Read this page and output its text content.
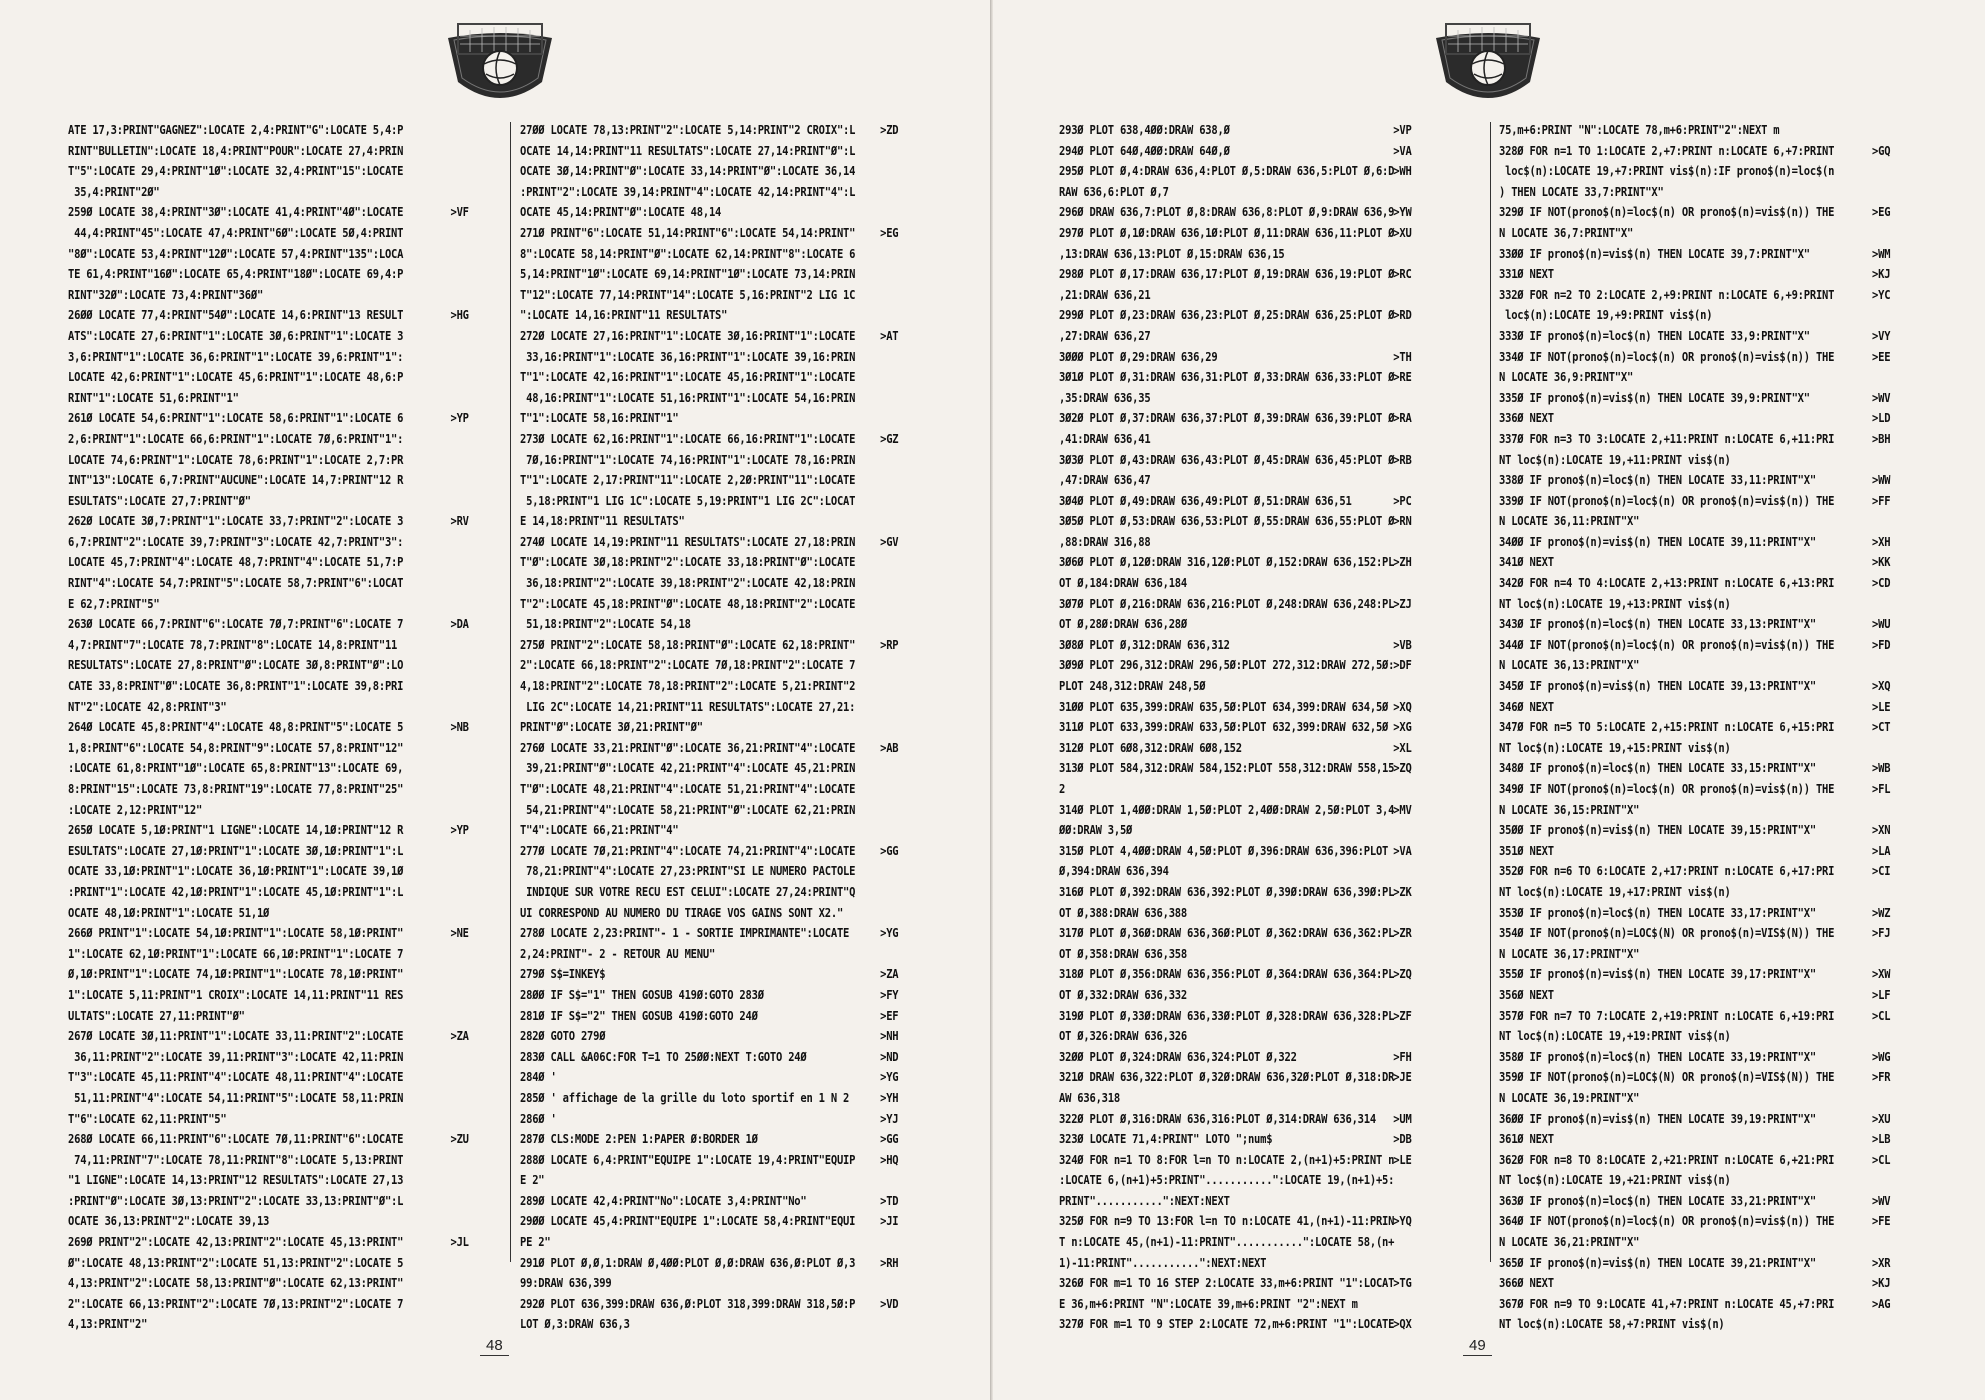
ATE 17,3:PRINT"GAGNEZ":LOCATE 2,4:PRINT"G":LOCATE 5,4:P
RINT"BULLETIN":LOCATE 18,4:PRINT"POUR":LOCATE 27,4:PRIN
T"5":LOCATE 29,4:PRINT"1Ø":LOCATE 32,4:PRINT"15":LOCATE
35,4:PRINT"2Ø"
>VF
259Ø LOCATE 38,4:PRINT"3Ø":LOCATE 41,4:PRINT"4Ø":LOCATE
44,4:PRINT"45":LOCATE 47,4:PRINT"6Ø":LOCATE 5Ø,4:PRINT
"8Ø":LOCATE 53,4:PRINT"12Ø":LOCATE 57,4:PRINT"135":LOCA
TE 61,4:PRINT"16Ø":LOCATE 65,4:PRINT"18Ø":LOCATE 69,4:P
RINT"32Ø":LOCATE 73,4:PRINT"36Ø"
>HG
26ØØ LOCATE 77,4:PRINT"54Ø":LOCATE 14,6:PRINT"13 RESULT
ATS":LOCATE 27,6:PRINT"1":LOCATE 3Ø,6:PRINT"1":LOCATE 3
3,6:PRINT"1":LOCATE 36,6:PRINT"1":LOCATE 39,6:PRINT"1":
LOCATE 42,6:PRINT"1":LOCATE 45,6:PRINT"1":LOCATE 48,6:P
RINT"1":LOCATE 51,6:PRINT"1"
>YP
261Ø LOCATE 54,6:PRINT"1":LOCATE 58,6:PRINT"1":LOCATE 6
2,6:PRINT"1":LOCATE 66,6:PRINT"1":LOCATE 7Ø,6:PRINT"1":
LOCATE 74,6:PRINT"1":LOCATE 78,6:PRINT"1":LOCATE 2,7:PR
INT"13":LOCATE 6,7:PRINT"AUCUNE":LOCATE 14,7:PRINT"12 R
ESULTATS":LOCATE 27,7:PRINT"Ø"
>RV
262Ø LOCATE 3Ø,7:PRINT"1":LOCATE 33,7:PRINT"2":LOCATE 3
6,7:PRINT"2":LOCATE 39,7:PRINT"3":LOCATE 42,7:PRINT"3":
LOCATE 45,7:PRINT"4":LOCATE 48,7:PRINT"4":LOCATE 51,7:P
RINT"4":LOCATE 54,7:PRINT"5":LOCATE 58,7:PRINT"6":LOCAT
E 62,7:PRINT"5"
>DA
263Ø LOCATE 66,7:PRINT"6":LOCATE 7Ø,7:PRINT"6":LOCATE 7
4,7:PRINT"7":LOCATE 78,7:PRINT"8":LOCATE 14,8:PRINT"11
RESULTATS":LOCATE 27,8:PRINT"Ø":LOCATE 3Ø,8:PRINT"Ø":LO
CATE 33,8:PRINT"Ø":LOCATE 36,8:PRINT"1":LOCATE 39,8:PRI
NT"2":LOCATE 42,8:PRINT"3"
>NB
264Ø LOCATE 45,8:PRINT"4":LOCATE 48,8:PRINT"5":LOCATE 5
1,8:PRINT"6":LOCATE 54,8:PRINT"9":LOCATE 57,8:PRINT"12"
:LOCATE 61,8:PRINT"1Ø":LOCATE 65,8:PRINT"13":LOCATE 69,
8:PRINT"15":LOCATE 73,8:PRINT"19":LOCATE 77,8:PRINT"25"
:LOCATE 2,12:PRINT"12"
>YP
265Ø LOCATE 5,1Ø:PRINT"1 LIGNE":LOCATE 14,1Ø:PRINT"12 R
ESULTATS":LOCATE 27,1Ø:PRINT"1":LOCATE 3Ø,1Ø:PRINT"1":L
OCATE 33,1Ø:PRINT"1":LOCATE 36,1Ø:PRINT"1":LOCATE 39,1Ø
:PRINT"1":LOCATE 42,1Ø:PRINT"1":LOCATE 45,1Ø:PRINT"1":L
OCATE 48,1Ø:PRINT"1":LOCATE 51,1Ø
>NE
266Ø PRINT"1":LOCATE 54,1Ø:PRINT"1":LOCATE 58,1Ø:PRINT"
1":LOCATE 62,1Ø:PRINT"1":LOCATE 66,1Ø:PRINT"1":LOCATE 7
Ø,1Ø:PRINT"1":LOCATE 74,1Ø:PRINT"1":LOCATE 78,1Ø:PRINT"
1":LOCATE 5,11:PRINT"1 CROIX":LOCATE 14,11:PRINT"11 RES
ULTATS":LOCATE 27,11:PRINT"Ø"
>ZA
267Ø LOCATE 3Ø,11:PRINT"1":LOCATE 33,11:PRINT"2":LOCATE
36,11:PRINT"2":LOCATE 39,11:PRINT"3":LOCATE 42,11:PRIN
T"3":LOCATE 45,11:PRINT"4":LOCATE 48,11:PRINT"4":LOCATE
51,11:PRINT"4":LOCATE 54,11:PRINT"5":LOCATE 58,11:PRIN
T"6":LOCATE 62,11:PRINT"5"
>ZU
268Ø LOCATE 66,11:PRINT"6":LOCATE 7Ø,11:PRINT"6":LOCATE
74,11:PRINT"7":LOCATE 78,11:PRINT"8":LOCATE 5,13:PRINT
"1 LIGNE":LOCATE 14,13:PRINT"12 RESULTATS":LOCATE 27,13
:PRINT"Ø":LOCATE 3Ø,13:PRINT"2":LOCATE 33,13:PRINT"Ø":L
OCATE 36,13:PRINT"2":LOCATE 39,13
>JL
269Ø PRINT"2":LOCATE 42,13:PRINT"2":LOCATE 45,13:PRINT"
Ø":LOCATE 48,13:PRINT"2":LOCATE 51,13:PRINT"2":LOCATE 5
4,13:PRINT"2":LOCATE 58,13:PRINT"Ø":LOCATE 62,13:PRINT"
2":LOCATE 66,13:PRINT"2":LOCATE 7Ø,13:PRINT"2":LOCATE 7
4,13:PRINT"2"
>ZD
27ØØ LOCATE 78,13:PRINT"2":LOCATE 5,14:PRINT"2 CROIX":L
OCATE 14,14:PRINT"11 RESULTATS":LOCATE 27,14:PRINT"Ø":L
OCATE 3Ø,14:PRINT"Ø":LOCATE 33,14:PRINT"Ø":LOCATE 36,14
:PRINT"2":LOCATE 39,14:PRINT"4":LOCATE 42,14:PRINT"4":L
OCATE 45,14:PRINT"Ø":LOCATE 48,14
>EG
271Ø PRINT"6":LOCATE 51,14:PRINT"6":LOCATE 54,14:PRINT"
8":LOCATE 58,14:PRINT"Ø":LOCATE 62,14:PRINT"8":LOCATE 6
5,14:PRINT"1Ø":LOCATE 69,14:PRINT"1Ø":LOCATE 73,14:PRIN
T"12":LOCATE 77,14:PRINT"14":LOCATE 5,16:PRINT"2 LIG 1C
":LOCATE 14,16:PRINT"11 RESULTATS"
>AT
272Ø LOCATE 27,16:PRINT"1":LOCATE 3Ø,16:PRINT"1":LOCATE
33,16:PRINT"1":LOCATE 36,16:PRINT"1":LOCATE 39,16:PRIN
T"1":LOCATE 42,16:PRINT"1":LOCATE 45,16:PRINT"1":LOCATE
48,16:PRINT"1":LOCATE 51,16:PRINT"1":LOCATE 54,16:PRIN
T"1":LOCATE 58,16:PRINT"1"
>GZ
273Ø LOCATE 62,16:PRINT"1":LOCATE 66,16:PRINT"1":LOCATE
7Ø,16:PRINT"1":LOCATE 74,16:PRINT"1":LOCATE 78,16:PRIN
T"1":LOCATE 2,17:PRINT"11":LOCATE 2,2Ø:PRINT"11":LOCATE
5,18:PRINT"1 LIG 1C":LOCATE 5,19:PRINT"1 LIG 2C":LOCAT
E 14,18:PRINT"11 RESULTATS"
>GV
274Ø LOCATE 14,19:PRINT"11 RESULTATS":LOCATE 27,18:PRIN
T"Ø":LOCATE 3Ø,18:PRINT"2":LOCATE 33,18:PRINT"Ø":LOCATE
36,18:PRINT"2":LOCATE 39,18:PRINT"2":LOCATE 42,18:PRIN
T"2":LOCATE 45,18:PRINT"Ø":LOCATE 48,18:PRINT"2":LOCATE
51,18:PRINT"2":LOCATE 54,18
>RP
275Ø PRINT"2":LOCATE 58,18:PRINT"Ø":LOCATE 62,18:PRINT"
2":LOCATE 66,18:PRINT"2":LOCATE 7Ø,18:PRINT"2":LOCATE 7
4,18:PRINT"2":LOCATE 78,18:PRINT"2":LOCATE 5,21:PRINT"2
LIG 2C":LOCATE 14,21:PRINT"11 RESULTATS":LOCATE 27,21:
PRINT"Ø":LOCATE 3Ø,21:PRINT"Ø"
>AB
276Ø LOCATE 33,21:PRINT"Ø":LOCATE 36,21:PRINT"4":LOCATE
39,21:PRINT"Ø":LOCATE 42,21:PRINT"4":LOCATE 45,21:PRIN
T"Ø":LOCATE 48,21:PRINT"4":LOCATE 51,21:PRINT"4":LOCATE
54,21:PRINT"4":LOCATE 58,21:PRINT"Ø":LOCATE 62,21:PRIN
T"4":LOCATE 66,21:PRINT"4"
>GG
277Ø LOCATE 7Ø,21:PRINT"4":LOCATE 74,21:PRINT"4":LOCATE
78,21:PRINT"4":LOCATE 27,23:PRINT"SI LE NUMERO PACTOLE
INDIQUE SUR VOTRE RECU EST CELUI":LOCATE 27,24:PRINT"Q
UI CORRESPOND AU NUMERO DU TIRAGE VOS GAINS SONT X2."
>YG
278Ø LOCATE 2,23:PRINT"- 1 - SORTIE IMPRIMANTE":LOCATE
2,24:PRINT"- 2 - RETOUR AU MENU"
>ZA
279Ø S$=INKEY$
>FY
28ØØ IF S$="1" THEN GOSUB 419Ø:GOTO 283Ø
>EF
281Ø IF S$="2" THEN GOSUB 419Ø:GOTO 24Ø
>NH
282Ø GOTO 279Ø
>ND
283Ø CALL &A06C:FOR T=1 TO 25ØØ:NEXT T:GOTO 24Ø
>YG
284Ø '
>YH
285Ø ' affichage de la grille du loto sportif en 1 N 2
>YJ
286Ø '
>GG
287Ø CLS:MODE 2:PEN 1:PAPER Ø:BORDER 1Ø
>HQ
288Ø LOCATE 6,4:PRINT"EQUIPE 1":LOCATE 19,4:PRINT"EQUIP
E 2"
>TD
289Ø LOCATE 42,4:PRINT"No":LOCATE 3,4:PRINT"No"
>JI
29ØØ LOCATE 45,4:PRINT"EQUIPE 1":LOCATE 58,4:PRINT"EQUI
PE 2"
>RH
291Ø PLOT Ø,Ø,1:DRAW Ø,4ØØ:PLOT Ø,Ø:DRAW 636,Ø:PLOT Ø,3
99:DRAW 636,399
>VD
292Ø PLOT 636,399:DRAW 636,Ø:PLOT 318,399:DRAW 318,5Ø:P
LOT Ø,3:DRAW 636,3
48
>VP
293Ø PLOT 638,4ØØ:DRAW 638,Ø
>VA
294Ø PLOT 64Ø,4ØØ:DRAW 64Ø,Ø
>WH
295Ø PLOT Ø,4:DRAW 636,4:PLOT Ø,5:DRAW 636,5:PLOT Ø,6:D
RAW 636,6:PLOT Ø,7
>YW
296Ø DRAW 636,7:PLOT Ø,8:DRAW 636,8:PLOT Ø,9:DRAW 636,9
>XU
297Ø PLOT Ø,1Ø:DRAW 636,1Ø:PLOT Ø,11:DRAW 636,11:PLOT Ø
,13:DRAW 636,13:PLOT Ø,15:DRAW 636,15
>RC
298Ø PLOT Ø,17:DRAW 636,17:PLOT Ø,19:DRAW 636,19:PLOT Ø
,21:DRAW 636,21
>RD
299Ø PLOT Ø,23:DRAW 636,23:PLOT Ø,25:DRAW 636,25:PLOT Ø
,27:DRAW 636,27
>TH
3ØØØ PLOT Ø,29:DRAW 636,29
>RE
3Ø1Ø PLOT Ø,31:DRAW 636,31:PLOT Ø,33:DRAW 636,33:PLOT Ø
,35:DRAW 636,35
>RA
3Ø2Ø PLOT Ø,37:DRAW 636,37:PLOT Ø,39:DRAW 636,39:PLOT Ø
,41:DRAW 636,41
>RB
3Ø3Ø PLOT Ø,43:DRAW 636,43:PLOT Ø,45:DRAW 636,45:PLOT Ø
,47:DRAW 636,47
>PC
3Ø4Ø PLOT Ø,49:DRAW 636,49:PLOT Ø,51:DRAW 636,51
>RN
3Ø5Ø PLOT Ø,53:DRAW 636,53:PLOT Ø,55:DRAW 636,55:PLOT Ø
,88:DRAW 316,88
>ZH
3Ø6Ø PLOT Ø,12Ø:DRAW 316,12Ø:PLOT Ø,152:DRAW 636,152:PL
OT Ø,184:DRAW 636,184
>ZJ
3Ø7Ø PLOT Ø,216:DRAW 636,216:PLOT Ø,248:DRAW 636,248:PL
OT Ø,28Ø:DRAW 636,28Ø
>VB
3Ø8Ø PLOT Ø,312:DRAW 636,312
>DF
3Ø9Ø PLOT 296,312:DRAW 296,5Ø:PLOT 272,312:DRAW 272,5Ø:
PLOT 248,312:DRAW 248,5Ø
>XQ
31ØØ PLOT 635,399:DRAW 635,5Ø:PLOT 634,399:DRAW 634,5Ø
>XG
311Ø PLOT 633,399:DRAW 633,5Ø:PLOT 632,399:DRAW 632,5Ø
>XL
312Ø PLOT 6Ø8,312:DRAW 6Ø8,152
>ZQ
313Ø PLOT 584,312:DRAW 584,152:PLOT 558,312:DRAW 558,15
2
>MV
314Ø PLOT 1,4ØØ:DRAW 1,5Ø:PLOT 2,4ØØ:DRAW 2,5Ø:PLOT 3,4
ØØ:DRAW 3,5Ø
>VA
315Ø PLOT 4,4ØØ:DRAW 4,5Ø:PLOT Ø,396:DRAW 636,396:PLOT
Ø,394:DRAW 636,394
>ZK
316Ø PLOT Ø,392:DRAW 636,392:PLOT Ø,39Ø:DRAW 636,39Ø:PL
OT Ø,388:DRAW 636,388
>ZR
317Ø PLOT Ø,36Ø:DRAW 636,36Ø:PLOT Ø,362:DRAW 636,362:PL
OT Ø,358:DRAW 636,358
>ZQ
318Ø PLOT Ø,356:DRAW 636,356:PLOT Ø,364:DRAW 636,364:PL
OT Ø,332:DRAW 636,332
>ZF
319Ø PLOT Ø,33Ø:DRAW 636,33Ø:PLOT Ø,328:DRAW 636,328:PL
OT Ø,326:DRAW 636,326
>FH
32ØØ PLOT Ø,324:DRAW 636,324:PLOT Ø,322
>JE
321Ø DRAW 636,322:PLOT Ø,32Ø:DRAW 636,32Ø:PLOT Ø,318:DR
AW 636,318
>UM
322Ø PLOT Ø,316:DRAW 636,316:PLOT Ø,314:DRAW 636,314
>DB
323Ø LOCATE 71,4:PRINT" LOTO ";num$
>LE
324Ø FOR n=1 TO 8:FOR l=n TO n:LOCATE 2,(n+1)+5:PRINT n
:LOCATE 6,(n+1)+5:PRINT"...........":LOCATE 19,(n+1)+5:
PRINT"...........":NEXT:NEXT
>YQ
325Ø FOR n=9 TO 13:FOR l=n TO n:LOCATE 41,(n+1)-11:PRIN
T n:LOCATE 45,(n+1)-11:PRINT"...........":LOCATE 58,(n+
1)-11:PRINT"...........":NEXT:NEXT
>TG
326Ø FOR m=1 TO 16 STEP 2:LOCATE 33,m+6:PRINT "1":LOCAT
E 36,m+6:PRINT "N":LOCATE 39,m+6:PRINT "2":NEXT m
>QX
327Ø FOR m=1 TO 9 STEP 2:LOCATE 72,m+6:PRINT "1":LOCATE
75,m+6:PRINT "N":LOCATE 78,m+6:PRINT"2":NEXT m
>GQ
328Ø FOR n=1 TO 1:LOCATE 2,+7:PRINT n:LOCATE 6,+7:PRINT
loc$(n):LOCATE 19,+7:PRINT vis$(n):IF prono$(n)=loc$(n
) THEN LOCATE 33,7:PRINT"X"
>EG
329Ø IF NOT(prono$(n)=loc$(n) OR prono$(n)=vis$(n)) THE
N LOCATE 36,7:PRINT"X"
>WM
33ØØ IF prono$(n)=vis$(n) THEN LOCATE 39,7:PRINT"X"
>KJ
331Ø NEXT
>YC
332Ø FOR n=2 TO 2:LOCATE 2,+9:PRINT n:LOCATE 6,+9:PRINT
loc$(n):LOCATE 19,+9:PRINT vis$(n)
>VY
333Ø IF prono$(n)=loc$(n) THEN LOCATE 33,9:PRINT"X"
>EE
334Ø IF NOT(prono$(n)=loc$(n) OR prono$(n)=vis$(n)) THE
N LOCATE 36,9:PRINT"X"
>WV
335Ø IF prono$(n)=vis$(n) THEN LOCATE 39,9:PRINT"X"
>LD
336Ø NEXT
>BH
337Ø FOR n=3 TO 3:LOCATE 2,+11:PRINT n:LOCATE 6,+11:PRI
NT loc$(n):LOCATE 19,+11:PRINT vis$(n)
>WW
338Ø IF prono$(n)=loc$(n) THEN LOCATE 33,11:PRINT"X"
>FF
339Ø IF NOT(prono$(n)=loc$(n) OR prono$(n)=vis$(n)) THE
N LOCATE 36,11:PRINT"X"
>XH
34ØØ IF prono$(n)=vis$(n) THEN LOCATE 39,11:PRINT"X"
>KK
341Ø NEXT
>CD
342Ø FOR n=4 TO 4:LOCATE 2,+13:PRINT n:LOCATE 6,+13:PRI
NT loc$(n):LOCATE 19,+13:PRINT vis$(n)
>WU
343Ø IF prono$(n)=loc$(n) THEN LOCATE 33,13:PRINT"X"
>FD
344Ø IF NOT(prono$(n)=loc$(n) OR prono$(n)=vis$(n)) THE
N LOCATE 36,13:PRINT"X"
>XQ
345Ø IF prono$(n)=vis$(n) THEN LOCATE 39,13:PRINT"X"
>LE
346Ø NEXT
>CT
347Ø FOR n=5 TO 5:LOCATE 2,+15:PRINT n:LOCATE 6,+15:PRI
NT loc$(n):LOCATE 19,+15:PRINT vis$(n)
>WB
348Ø IF prono$(n)=loc$(n) THEN LOCATE 33,15:PRINT"X"
>FL
349Ø IF NOT(prono$(n)=loc$(n) OR prono$(n)=vis$(n)) THE
N LOCATE 36,15:PRINT"X"
>XN
35ØØ IF prono$(n)=vis$(n) THEN LOCATE 39,15:PRINT"X"
>LA
351Ø NEXT
>CI
352Ø FOR n=6 TO 6:LOCATE 2,+17:PRINT n:LOCATE 6,+17:PRI
NT loc$(n):LOCATE 19,+17:PRINT vis$(n)
>WZ
353Ø IF prono$(n)=loc$(n) THEN LOCATE 33,17:PRINT"X"
>FJ
354Ø IF NOT(prono$(n)=LOC$(N) OR prono$(n)=VIS$(N)) THE
N LOCATE 36,17:PRINT"X"
>XW
355Ø IF prono$(n)=vis$(n) THEN LOCATE 39,17:PRINT"X"
>LF
356Ø NEXT
>CL
357Ø FOR n=7 TO 7:LOCATE 2,+19:PRINT n:LOCATE 6,+19:PRI
NT loc$(n):LOCATE 19,+19:PRINT vis$(n)
>WG
358Ø IF prono$(n)=loc$(n) THEN LOCATE 33,19:PRINT"X"
>FR
359Ø IF NOT(prono$(n)=LOC$(N) OR prono$(n)=VIS$(N)) THE
N LOCATE 36,19:PRINT"X"
>XU
36ØØ IF prono$(n)=vis$(n) THEN LOCATE 39,19:PRINT"X"
>LB
361Ø NEXT
>CL
362Ø FOR n=8 TO 8:LOCATE 2,+21:PRINT n:LOCATE 6,+21:PRI
NT loc$(n):LOCATE 19,+21:PRINT vis$(n)
>WV
363Ø IF prono$(n)=loc$(n) THEN LOCATE 33,21:PRINT"X"
>FE
364Ø IF NOT(prono$(n)=loc$(n) OR prono$(n)=vis$(n)) THE
N LOCATE 36,21:PRINT"X"
>XR
365Ø IF prono$(n)=vis$(n) THEN LOCATE 39,21:PRINT"X"
>KJ
366Ø NEXT
>AG
367Ø FOR n=9 TO 9:LOCATE 41,+7:PRINT n:LOCATE 45,+7:PRI
NT loc$(n):LOCATE 58,+7:PRINT vis$(n)
49
